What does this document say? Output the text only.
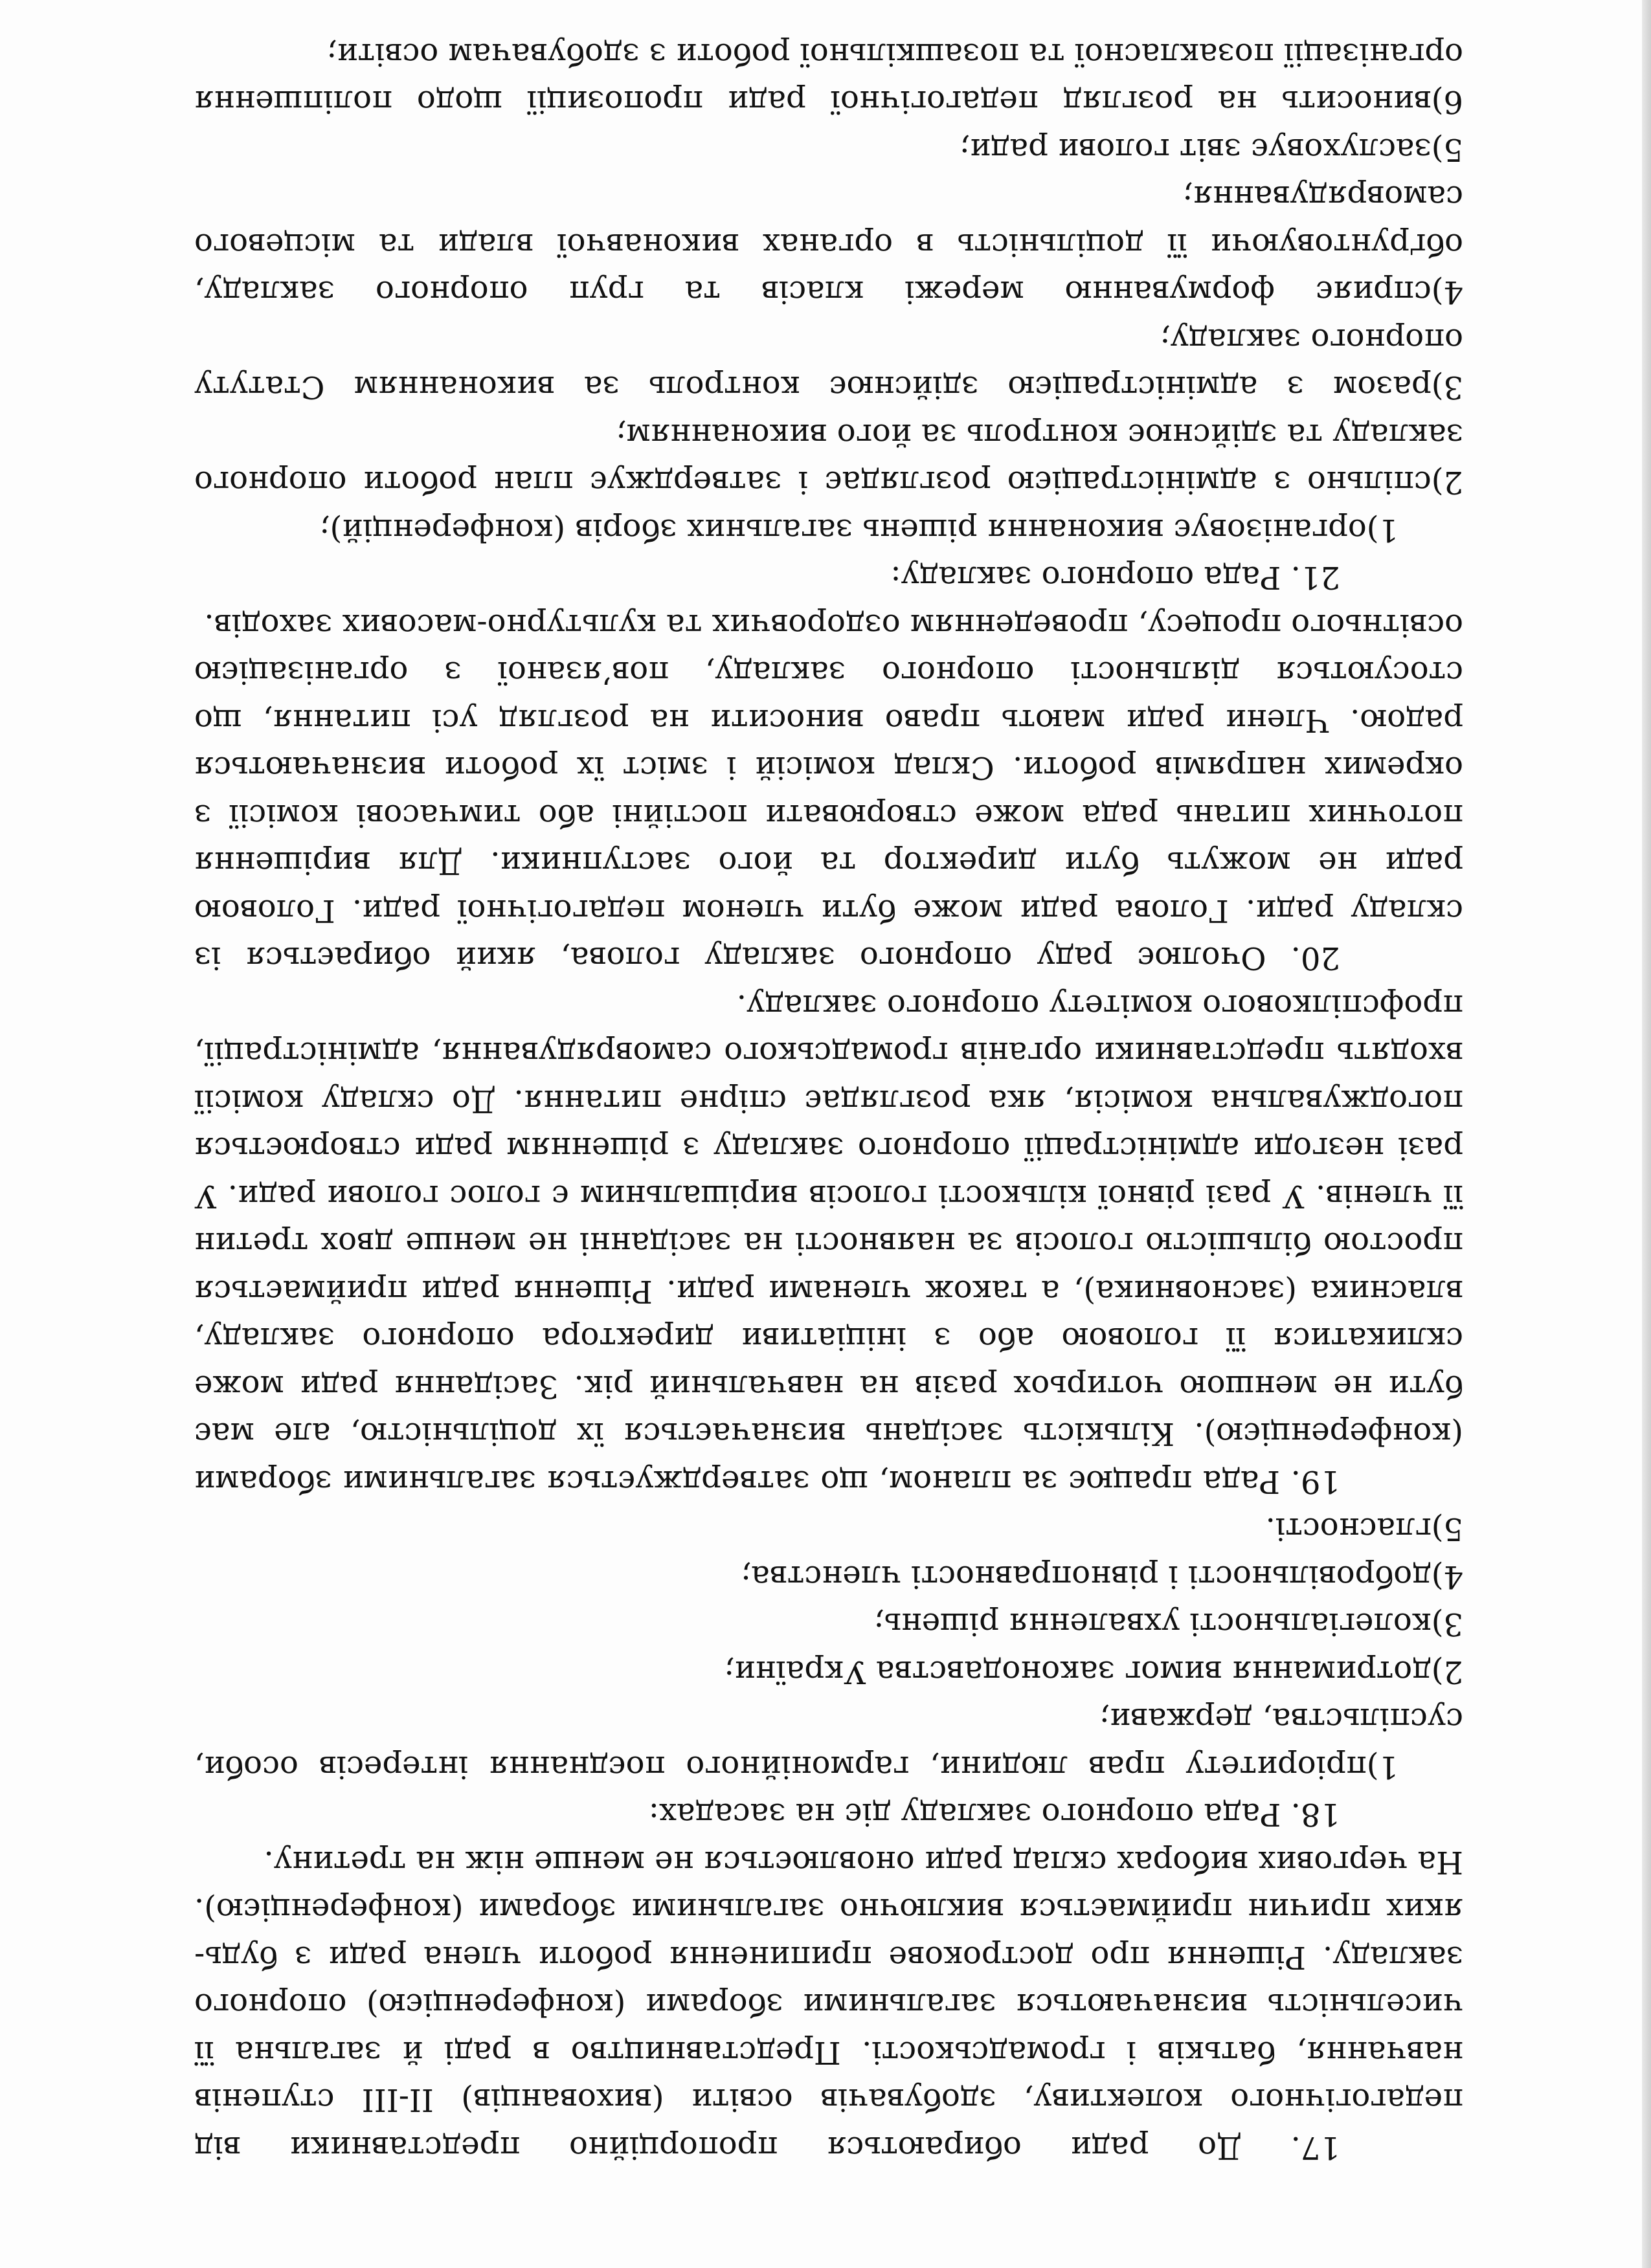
17. До ради обираються пропорційно представники від педагогічного колективу, здобувачів освіти (вихованців) ІІ-ІІІ ступенів навчання, батьків і громадськості. Представництво в раді й загальна її чисельність визначаються загальними зборами (конференцією) опорного закладу. Рішення про дострокове припинення роботи члена ради з будь-яких причин приймається виключно загальними зборами (конференцією). На чергових виборах склад ради оновлюється не менше ніж на третину.

18. Рада опорного закладу діє на засадах:

1)пріоритету прав людини, гармонійного поєднання інтересів особи, суспільства, держави;

2)дотримання вимог законодавства України;

3)колегіальності ухвалення рішень;

4)добровільності і рівноправності членства;

5)гласності.

19. Рада працює за планом, що затверджується загальними зборами (конференцією). Кількість засідань визначається їх доцільністю, але має бути не меншою чотирьох разів на навчальний рік. Засідання ради може скликатися її головою або з ініціативи директора опорного закладу, власника (засновника), а також членами ради. Рішення ради приймається простою більшістю голосів за наявності на засіданні не менше двох третин її членів. У разі рівної кількості голосів вирішальним є голос голови ради. У разі незгоди адміністрації опорного закладу з рішенням ради створюється погоджувальна комісія, яка розглядає спірне питання. До складу комісії входять представники органів громадського самоврядування, адміністрації, профспілкового комітету опорного закладу.

20. Очолює раду опорного закладу голова, який обирається із складу ради. Голова ради може бути членом педагогічної ради. Головою ради не можуть бути директор та його заступники. Для вирішення поточних питань рада може створювати постійні або тимчасові комісії з окремих напрямів роботи. Склад комісій і зміст їх роботи визначаються радою. Члени ради мають право виносити на розгляд усі питання, що стосуються діяльності опорного закладу, пов’язаної з організацією освітнього процесу, проведенням оздоровчих та культурно-масових заходів.

21. Рада опорного закладу:

1)організовує виконання рішень загальних зборів (конференцій);

2)спільно з адміністрацією розглядає і затверджує план роботи опорного закладу та здійснює контроль за його виконанням;

3)разом з адміністрацією здійснює контроль за виконанням Статуту опорного закладу;

4)сприяє формуванню мережі класів та груп опорного закладу, обґрунтовуючи її доцільність в органах виконавчої влади та місцевого самоврядування;

5)заслуховує звіт голови ради;

6)виносить на розгляд педагогічної ради пропозиції щодо поліпшення організації позакласної та позашкільної роботи з здобувачам освіти;
